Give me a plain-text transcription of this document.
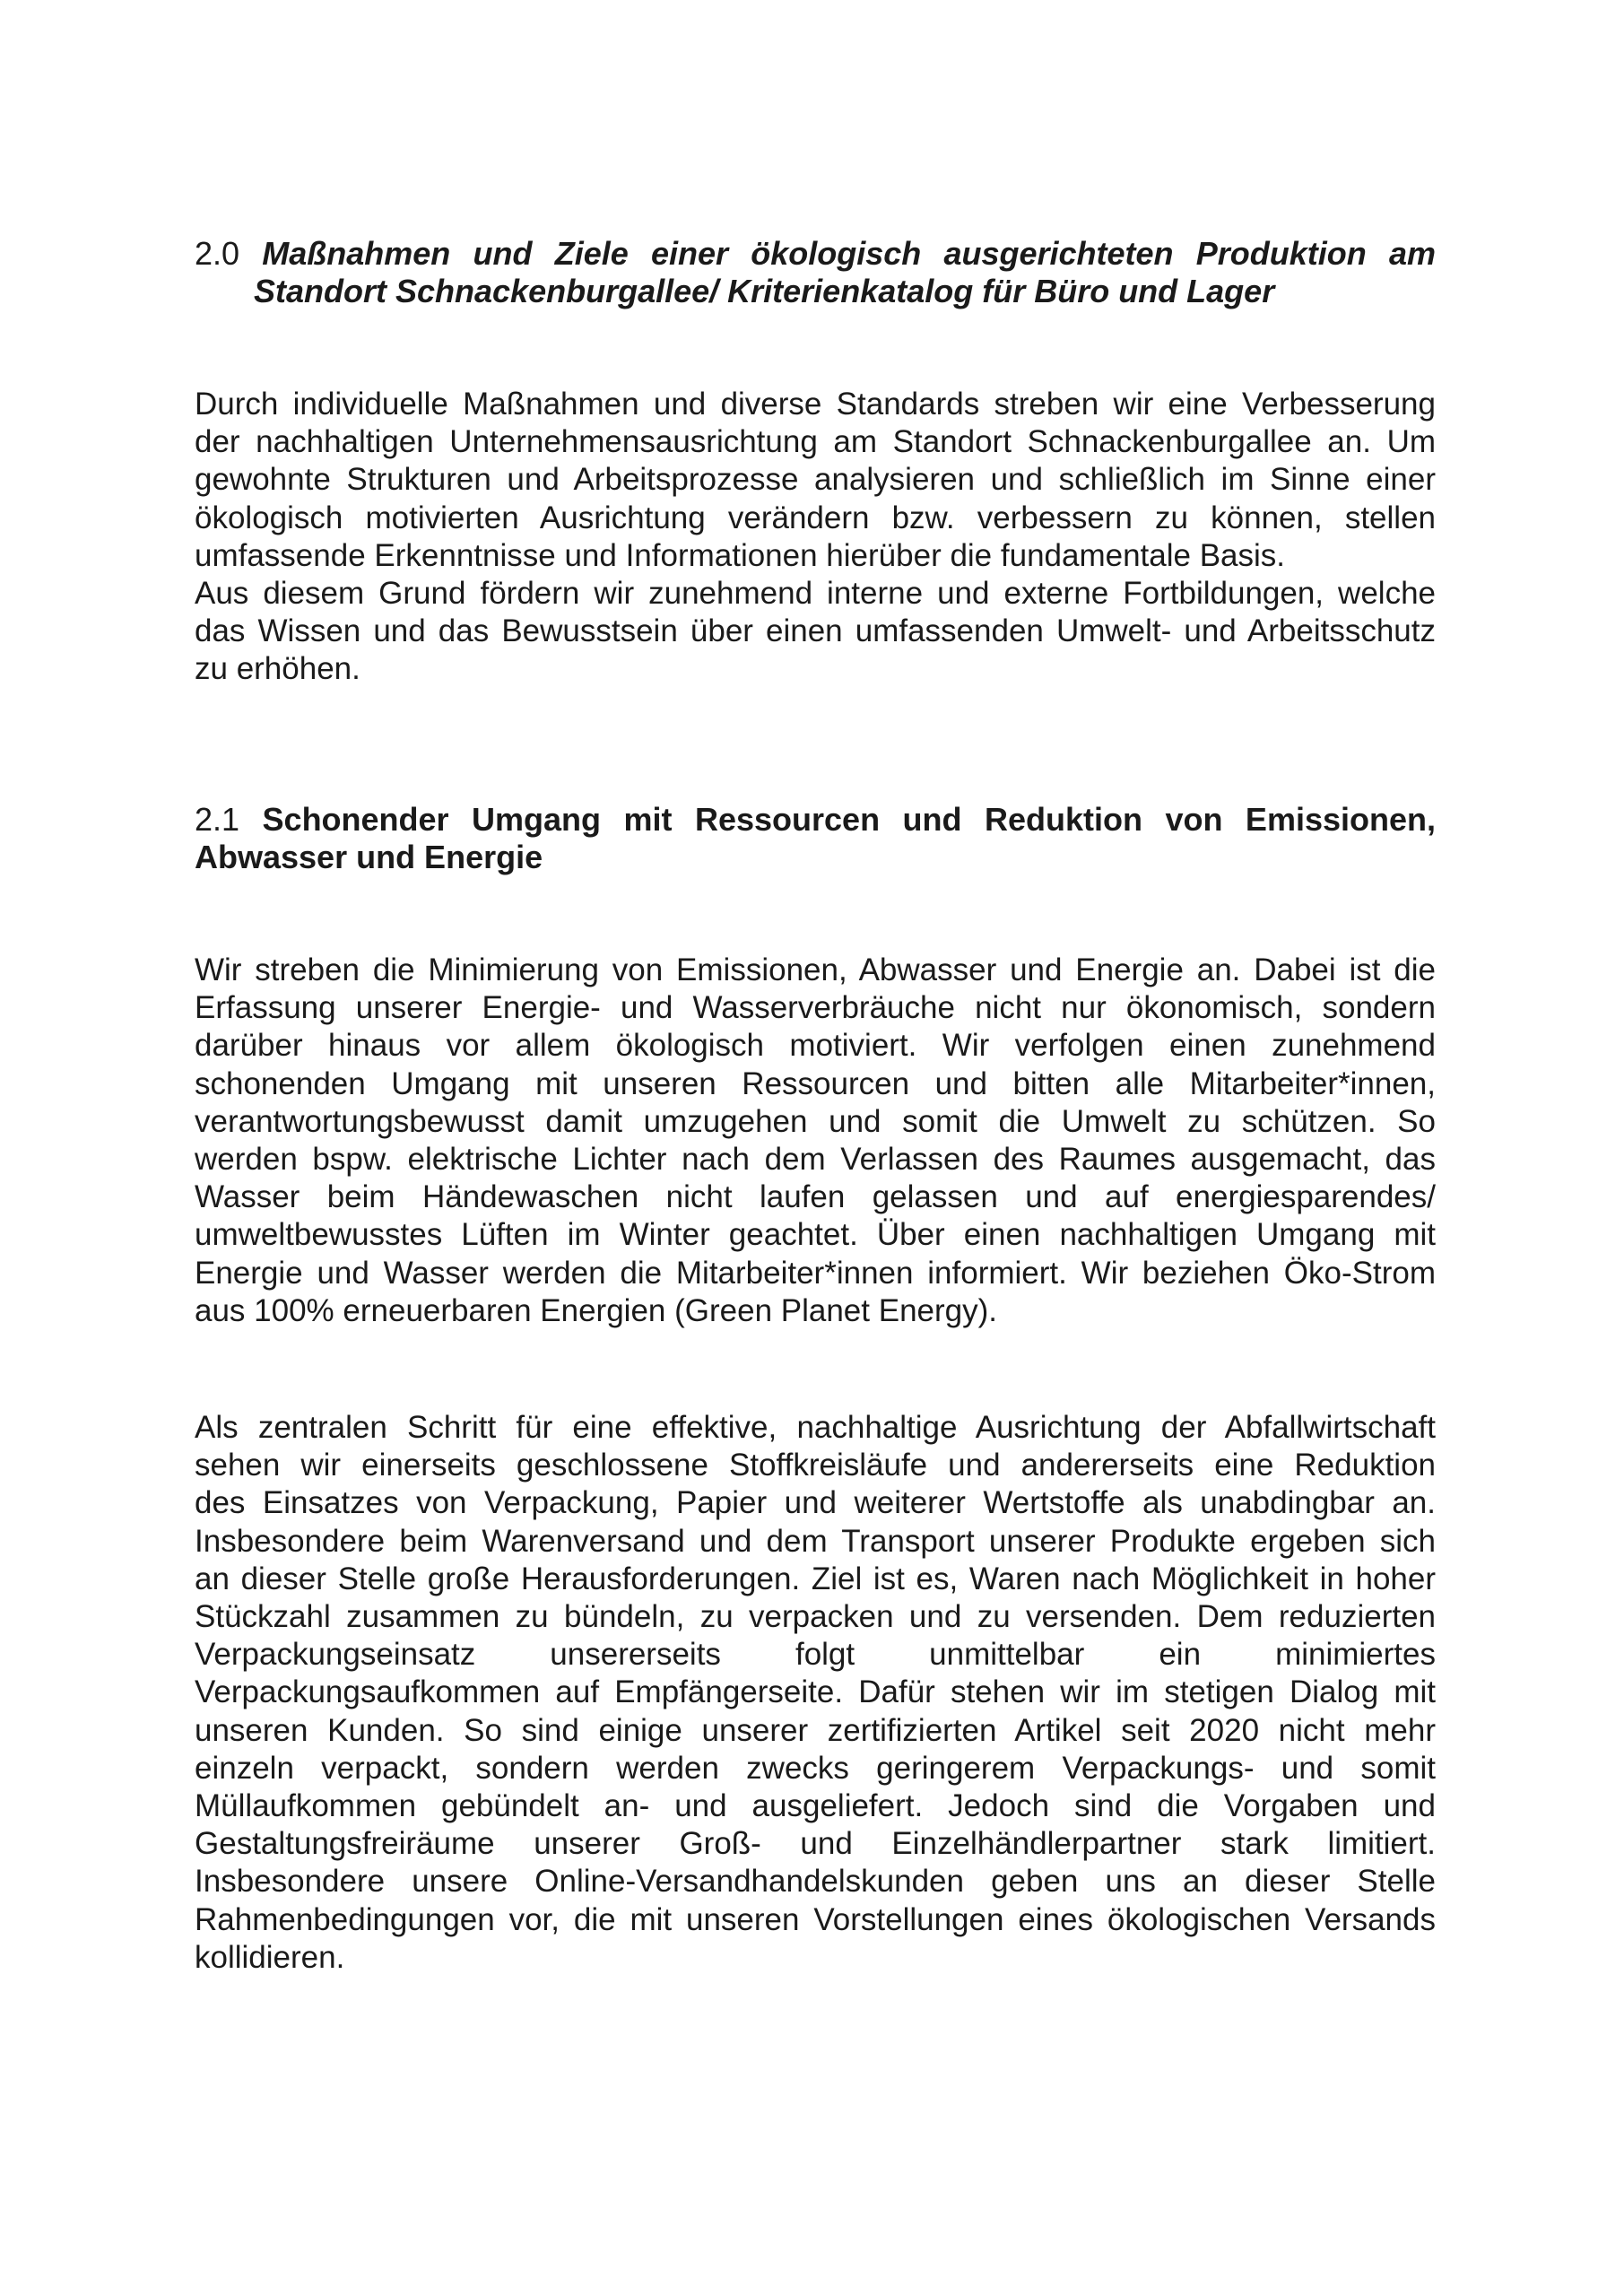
2.0 Maßnahmen und Ziele einer ökologisch ausgerichteten Produktion am Standort Schnackenburgallee/ Kriterienkatalog für Büro und Lager
Durch individuelle Maßnahmen und diverse Standards streben wir eine Verbesserung
der nachhaltigen Unternehmensausrichtung am Standort Schnackenburgallee an. Um
gewohnte Strukturen und Arbeitsprozesse analysieren und schließlich im Sinne einer
ökologisch motivierten Ausrichtung verändern bzw. verbessern zu können, stellen
umfassende Erkenntnisse und Informationen hierüber die fundamentale Basis.
Aus diesem Grund fördern wir zunehmend interne und externe Fortbildungen, welche
das Wissen und das Bewusstsein über einen umfassenden Umwelt- und Arbeitsschutz
zu erhöhen.
2.1 Schonender Umgang mit Ressourcen und Reduktion von Emissionen, Abwasser und Energie
Wir streben die Minimierung von Emissionen, Abwasser und Energie an. Dabei ist die
Erfassung unserer Energie- und Wasserverbräuche nicht nur ökonomisch, sondern
darüber hinaus vor allem ökologisch motiviert. Wir verfolgen einen zunehmend
schonenden Umgang mit unseren Ressourcen und bitten alle Mitarbeiter*innen,
verantwortungsbewusst damit umzugehen und somit die Umwelt zu schützen. So
werden bspw. elektrische Lichter nach dem Verlassen des Raumes ausgemacht, das
Wasser beim Händewaschen nicht laufen gelassen und auf energiesparendes/
umweltbewusstes Lüften im Winter geachtet. Über einen nachhaltigen Umgang mit
Energie und Wasser werden die Mitarbeiter*innen informiert. Wir beziehen Öko-Strom
aus 100% erneuerbaren Energien (Green Planet Energy).
Als zentralen Schritt für eine effektive, nachhaltige Ausrichtung der Abfallwirtschaft
sehen wir einerseits geschlossene Stoffkreisläufe und andererseits eine Reduktion
des Einsatzes von Verpackung, Papier und weiterer Wertstoffe als unabdingbar an.
Insbesondere beim Warenversand und dem Transport unserer Produkte ergeben sich
an dieser Stelle große Herausforderungen. Ziel ist es, Waren nach Möglichkeit in hoher
Stückzahl zusammen zu bündeln, zu verpacken und zu versenden. Dem reduzierten
Verpackungseinsatz unsererseits folgt unmittelbar ein minimiertes
Verpackungsaufkommen auf Empfängerseite. Dafür stehen wir im stetigen Dialog mit
unseren Kunden. So sind einige unserer zertifizierten Artikel seit 2020 nicht mehr
einzeln verpackt, sondern werden zwecks geringerem Verpackungs- und somit
Müllaufkommen gebündelt an- und ausgeliefert. Jedoch sind die Vorgaben und
Gestaltungsfreiräume unserer Groß- und Einzelhändlerpartner stark limitiert.
Insbesondere unsere Online-Versandhandelskunden geben uns an dieser Stelle
Rahmenbedingungen vor, die mit unseren Vorstellungen eines ökologischen Versands
kollidieren.
